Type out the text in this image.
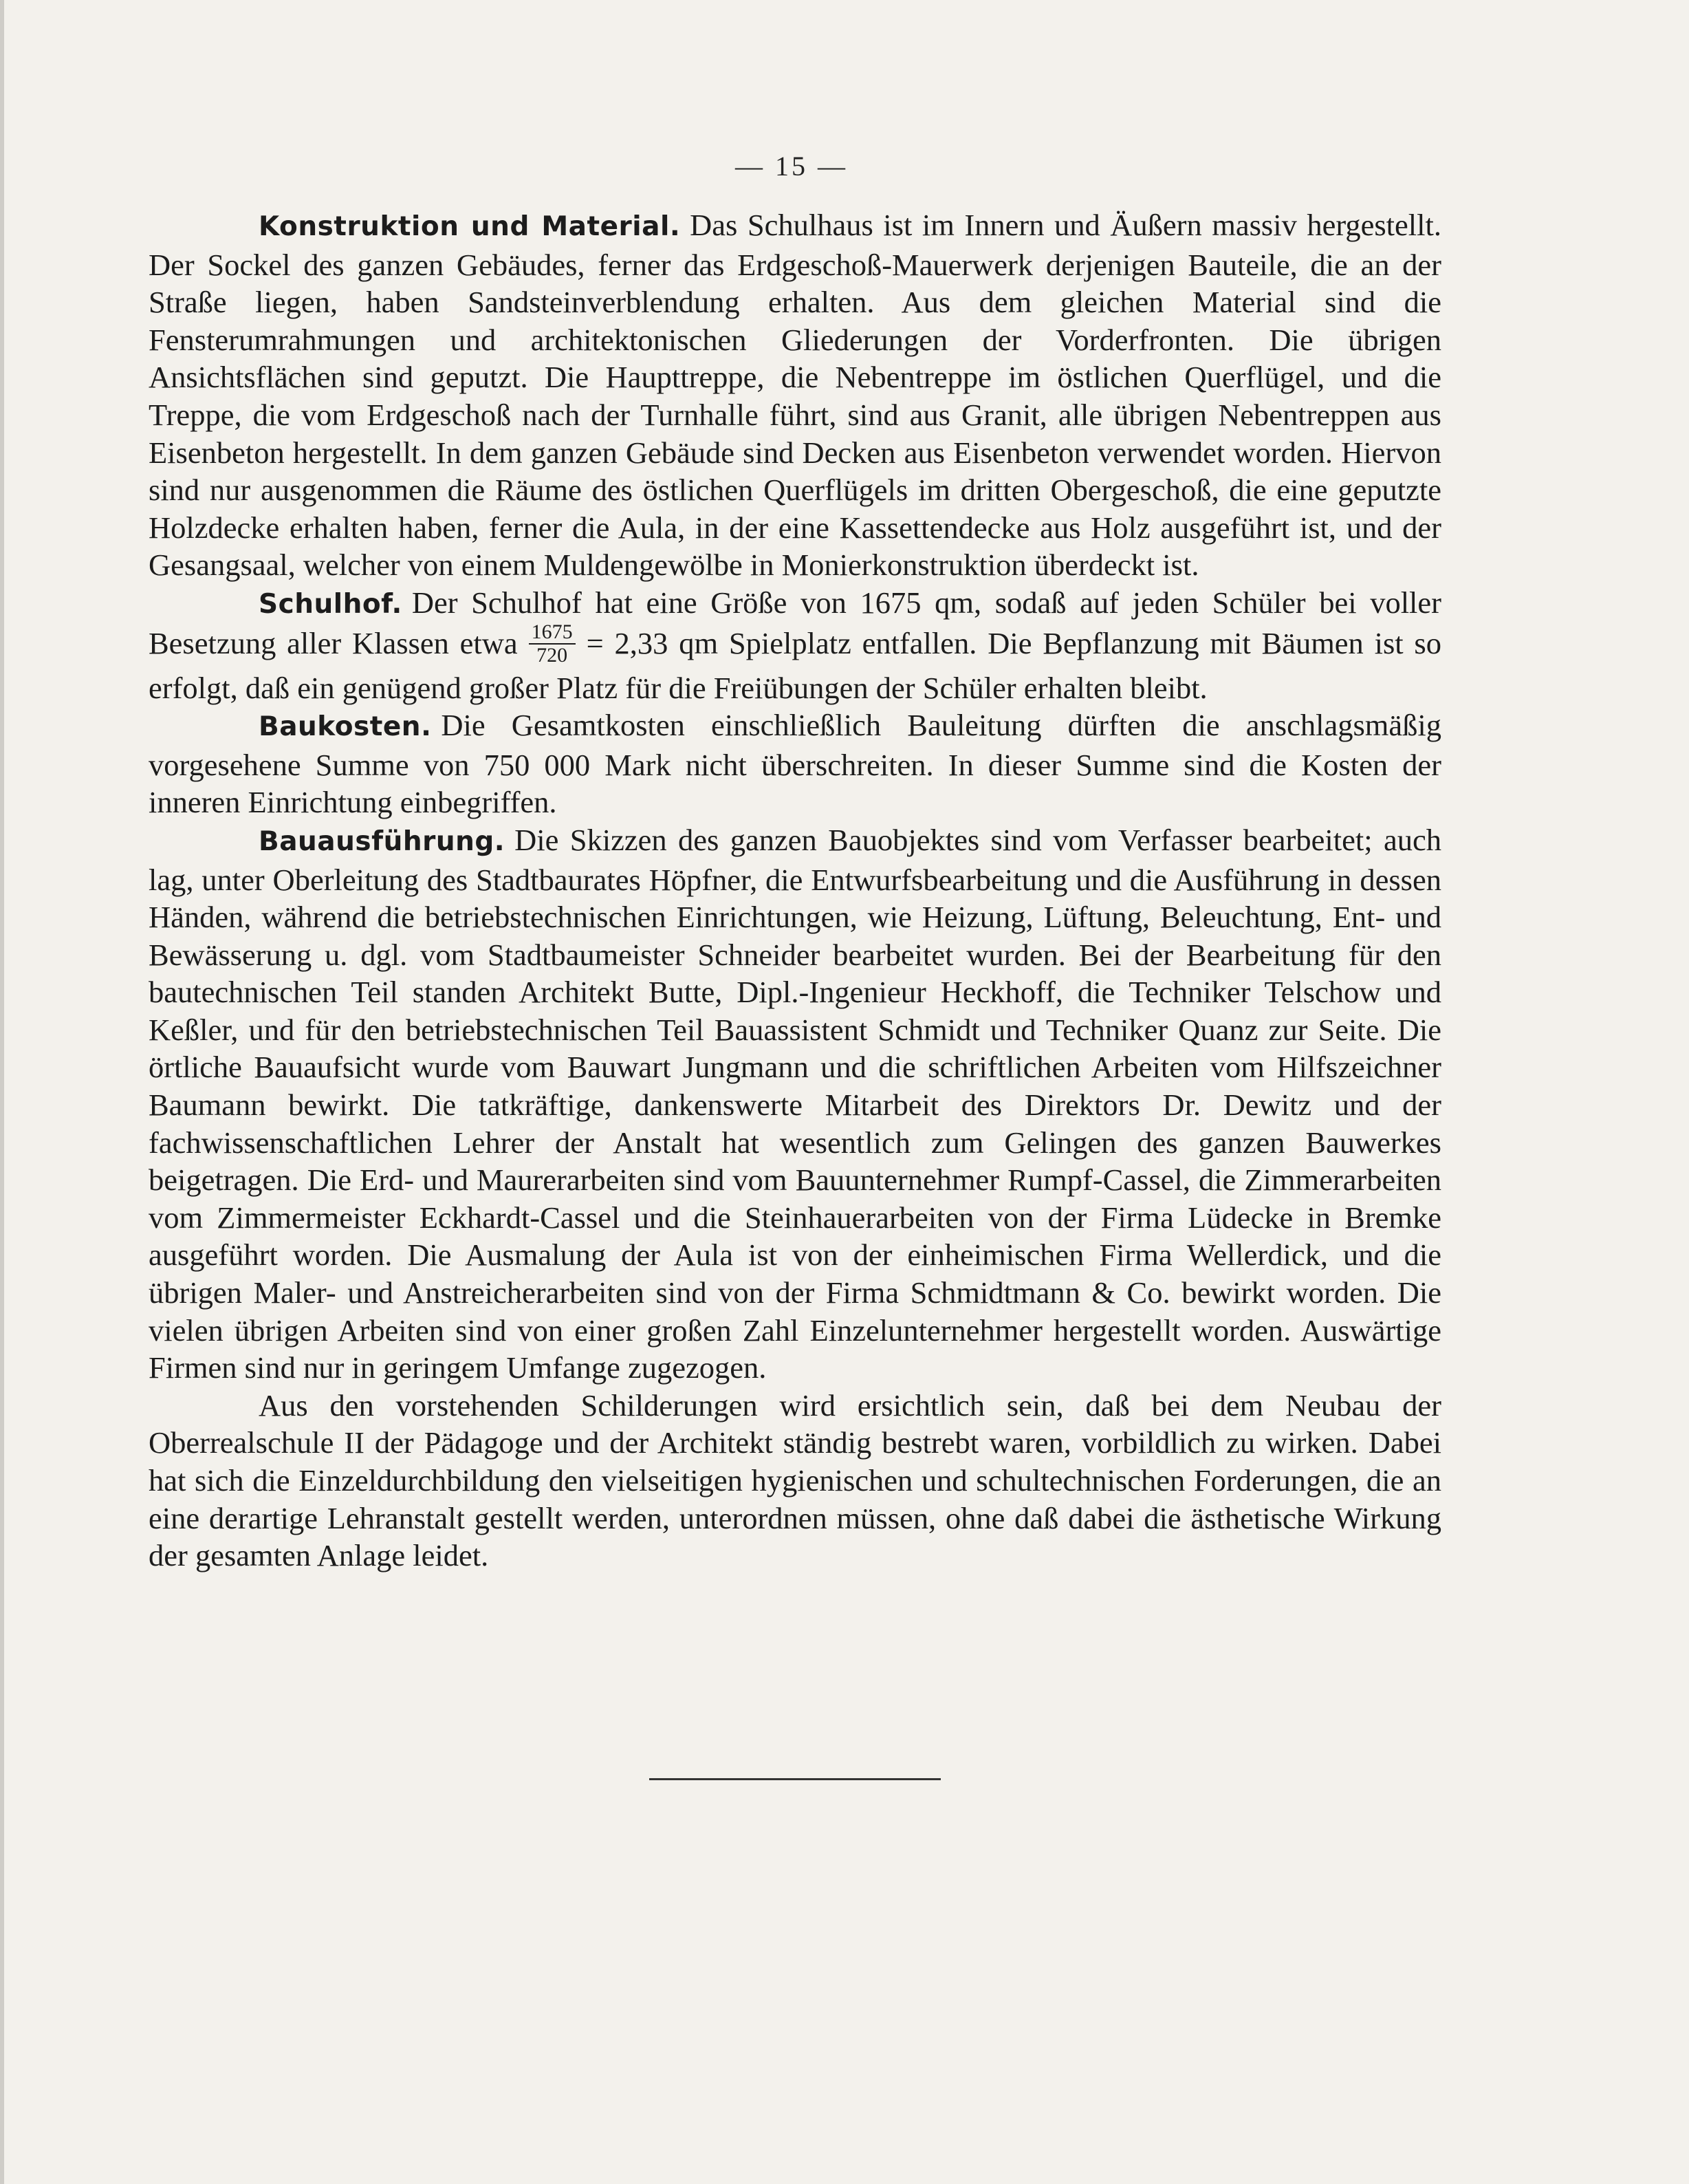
— 15 —

Konstruktion und Material. Das Schulhaus ist im Innern und Äußern massiv hergestellt. Der Sockel des ganzen Gebäudes, ferner das Erdgeschoß-Mauerwerk derjenigen Bauteile, die an der Straße liegen, haben Sandsteinverblendung erhalten. Aus dem gleichen Material sind die Fensterumrahmungen und architektonischen Gliederungen der Vorderfronten. Die übrigen Ansichtsflächen sind geputzt. Die Haupttreppe, die Nebentreppe im östlichen Querflügel, und die Treppe, die vom Erdgeschoß nach der Turnhalle führt, sind aus Granit, alle übrigen Nebentreppen aus Eisenbeton hergestellt. In dem ganzen Gebäude sind Decken aus Eisenbeton verwendet worden. Hiervon sind nur ausgenommen die Räume des östlichen Querflügels im dritten Obergeschoß, die eine geputzte Holzdecke erhalten haben, ferner die Aula, in der eine Kassettendecke aus Holz ausgeführt ist, und der Gesangsaal, welcher von einem Muldengewölbe in Monierkonstruktion überdeckt ist.

Schulhof. Der Schulhof hat eine Größe von 1675 qm, sodaß auf jeden Schüler bei voller Besetzung aller Klassen etwa $\frac{1675}{720} = 2,33$ qm Spielplatz entfallen. Die Bepflanzung mit Bäumen ist so erfolgt, daß ein genügend großer Platz für die Freiübungen der Schüler erhalten bleibt.

Baukosten. Die Gesamtkosten einschließlich Bauleitung dürften die anschlagsmäßig vorgesehene Summe von 750 000 Mark nicht überschreiten. In dieser Summe sind die Kosten der inneren Einrichtung einbegriffen.

Bauausführung. Die Skizzen des ganzen Bauobjektes sind vom Verfasser bearbeitet; auch lag, unter Oberleitung des Stadtbaurates Höpfner, die Entwurfsbearbeitung und die Ausführung in dessen Händen, während die betriebstechnischen Einrichtungen, wie Heizung, Lüftung, Beleuchtung, Ent- und Bewässerung u. dgl. vom Stadtbaumeister Schneider bearbeitet wurden. Bei der Bearbeitung für den bautechnischen Teil standen Architekt Butte, Dipl.-Ingenieur Heckhoff, die Techniker Telschow und Keßler, und für den betriebstechnischen Teil Bauassistent Schmidt und Techniker Quanz zur Seite. Die örtliche Bauaufsicht wurde vom Bauwart Jungmann und die schriftlichen Arbeiten vom Hilfszeichner Baumann bewirkt. Die tatkräftige, dankenswerte Mitarbeit des Direktors Dr. Dewitz und der fachwissenschaftlichen Lehrer der Anstalt hat wesentlich zum Gelingen des ganzen Bauwerkes beigetragen. Die Erd- und Maurerarbeiten sind vom Bauunternehmer Rumpf-Cassel, die Zimmerarbeiten vom Zimmermeister Eckhardt-Cassel und die Steinhauerarbeiten von der Firma Lüdecke in Bremke ausgeführt worden. Die Ausmalung der Aula ist von der einheimischen Firma Wellerdick, und die übrigen Maler- und Anstreicherarbeiten sind von der Firma Schmidtmann & Co. bewirkt worden. Die vielen übrigen Arbeiten sind von einer großen Zahl Einzelunternehmer hergestellt worden. Auswärtige Firmen sind nur in geringem Umfange zugezogen.

Aus den vorstehenden Schilderungen wird ersichtlich sein, daß bei dem Neubau der Oberrealschule II der Pädagoge und der Architekt ständig bestrebt waren, vorbildlich zu wirken. Dabei hat sich die Einzeldurchbildung den vielseitigen hygienischen und schultechnischen Forderungen, die an eine derartige Lehranstalt gestellt werden, unterordnen müssen, ohne daß dabei die ästhetische Wirkung der gesamten Anlage leidet.
